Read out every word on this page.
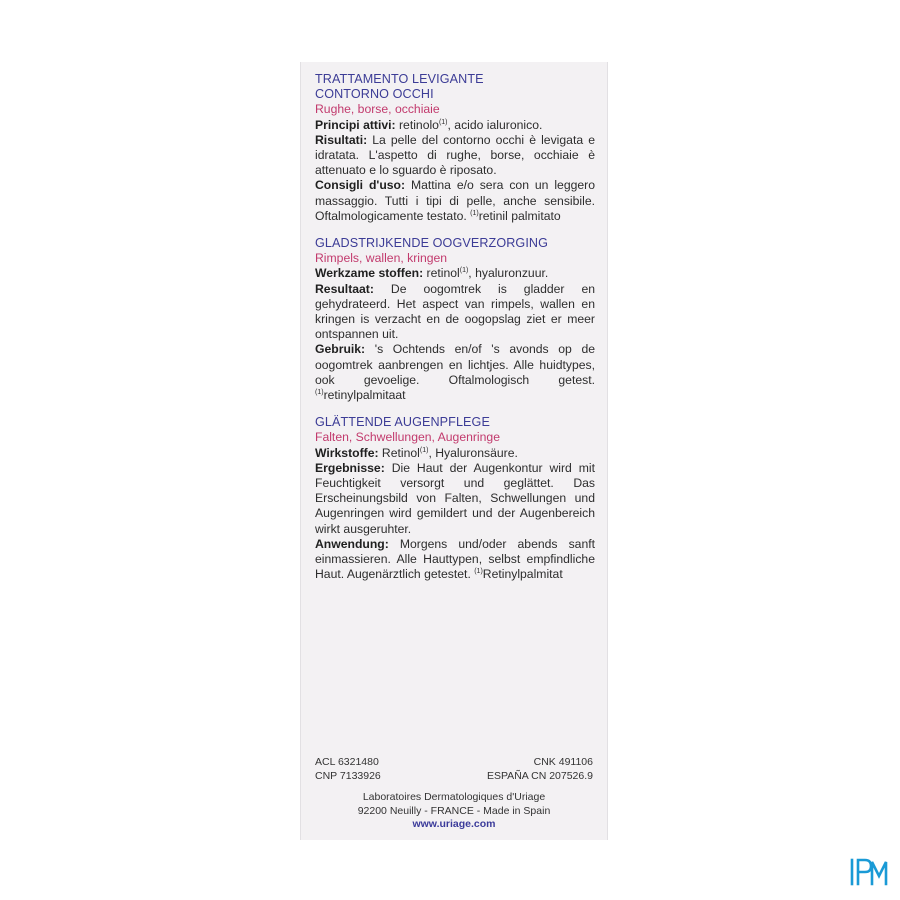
TRATTAMENTO LEVIGANTE
CONTORNO OCCHI
Rughe, borse, occhiaie
Principi attivi: retinolo$^{(1)}$, acido ialuronico.
Risultati: La pelle del contorno occhi è levigata e idratata. L'aspetto di rughe, borse, occhiaie è attenuato e lo sguardo è riposato.
Consigli d'uso: Mattina e/o sera con un leggero massaggio. Tutti i tipi di pelle, anche sensibile. Oftalmologicamente testato. $^{(1)}$retinil palmitato
GLADSTRIJKENDE OOGVERZORGING
Rimpels, wallen, kringen
Werkzame stoffen: retinol$^{(1)}$, hyaluronzuur.
Resultaat: De oogomtrek is gladder en gehydrateerd. Het aspect van rimpels, wallen en kringen is verzacht en de oogopslag ziet er meer ontspannen uit.
Gebruik: 's Ochtends en/of 's avonds op de oogomtrek aanbrengen en lichtjes. Alle huidtypes, ook gevoelige. Oftalmologisch getest. $^{(1)}$retinylpalmitaat
GLÄTTENDE AUGENPFLEGE
Falten, Schwellungen, Augenringe
Wirkstoffe: Retinol$^{(1)}$, Hyaluronsäure.
Ergebnisse: Die Haut der Augenkontur wird mit Feuchtigkeit versorgt und geglättet. Das Erscheinungsbild von Falten, Schwellungen und Augenringen wird gemildert und der Augenbereich wirkt ausgeruhter.
Anwendung: Morgens und/oder abends sanft einmassieren. Alle Hauttypen, selbst empfindliche Haut. Augenärztlich getestet. $^{(1)}$Retinylpalmitat
ACL 6321480	CNK 491106
CNP 7133926	ESPAÑA CN 207526.9
Laboratoires Dermatologiques d'Uriage
92200 Neuilly - FRANCE - Made in Spain
www.uriage.com
